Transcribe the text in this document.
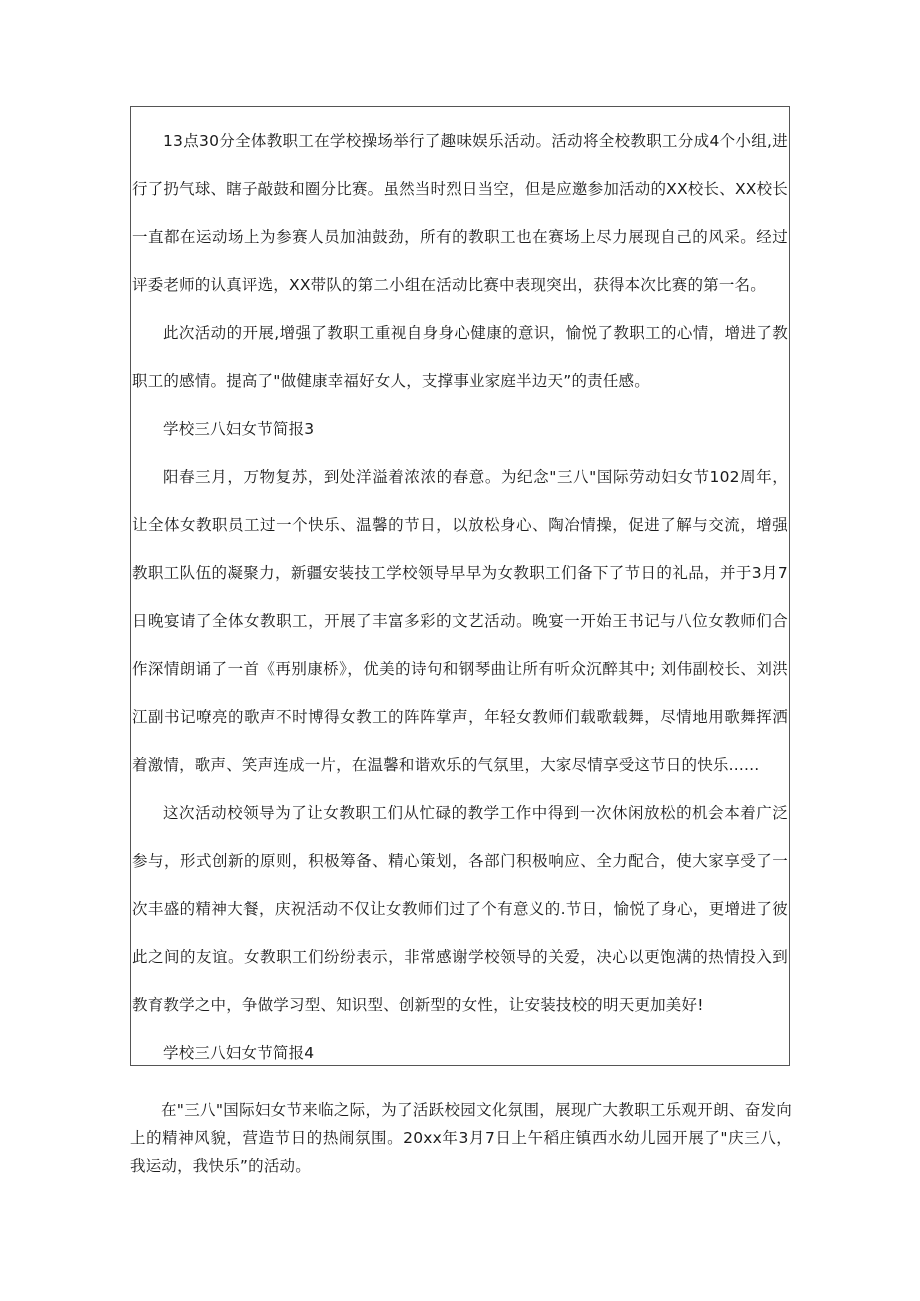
13点30分全体教职工在学校操场举行了趣味娱乐活动。活动将全校教职工分成4个小组,进行了扔气球、瞎子敲鼓和圈分比赛。虽然当时烈日当空，但是应邀参加活动的XX校长、XX校长一直都在运动场上为参赛人员加油鼓劲，所有的教职工也在赛场上尽力展现自己的风采。经过评委老师的认真评选，XX带队的第二小组在活动比赛中表现突出，获得本次比赛的第一名。

此次活动的开展,增强了教职工重视自身身心健康的意识，愉悦了教职工的心情，增进了教职工的感情。提高了"做健康幸福好女人，支撑事业家庭半边天”的责任感。

学校三八妇女节简报3

阳春三月，万物复苏，到处洋溢着浓浓的春意。为纪念"三八"国际劳动妇女节102周年，让全体女教职员工过一个快乐、温馨的节日，以放松身心、陶冶情操，促进了解与交流，增强教职工队伍的凝聚力，新疆安装技工学校领导早早为女教职工们备下了节日的礼品，并于3月7日晚宴请了全体女教职工，开展了丰富多彩的文艺活动。晚宴一开始王书记与八位女教师们合作深情朗诵了一首《再别康桥》，优美的诗句和钢琴曲让所有听众沉醉其中; 刘伟副校长、刘洪江副书记嘹亮的歌声不时博得女教工的阵阵掌声，年轻女教师们载歌载舞，尽情地用歌舞挥洒着激情，歌声、笑声连成一片，在温馨和谐欢乐的气氛里，大家尽情享受这节日的快乐......

这次活动校领导为了让女教职工们从忙碌的教学工作中得到一次休闲放松的机会本着广泛参与，形式创新的原则，积极筹备、精心策划，各部门积极响应、全力配合，使大家享受了一次丰盛的精神大餐，庆祝活动不仅让女教师们过了个有意义的.节日，愉悦了身心，更增进了彼此之间的友谊。女教职工们纷纷表示，非常感谢学校领导的关爱，决心以更饱满的热情投入到教育教学之中，争做学习型、知识型、创新型的女性，让安装技校的明天更加美好!

学校三八妇女节简报4

在"三八"国际妇女节来临之际，为了活跃校园文化氛围，展现广大教职工乐观开朗、奋发向上的精神风貌，营造节日的热闹氛围。20xx年3月7日上午稻庄镇西水幼儿园开展了"庆三八，我运动，我快乐”的活动。
